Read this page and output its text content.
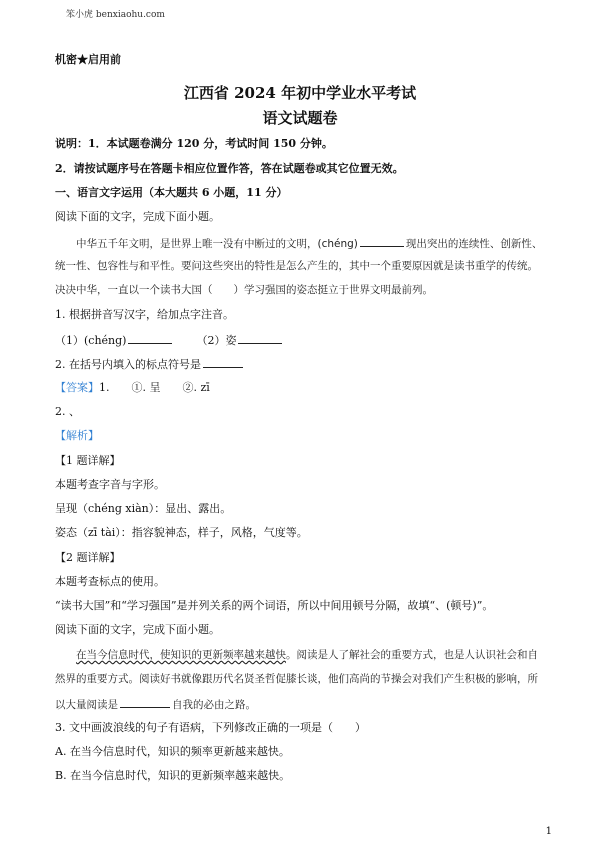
笨小虎 benxiaohu.com
机密★启用前
江西省 2024 年初中学业水平考试
语文试题卷
说明：1．本试题卷满分 120 分，考试时间 150 分钟。
2．请按试题序号在答题卡相应位置作答，答在试题卷或其它位置无效。
一、语言文字运用（本大题共 6 小题，11 分）
阅读下面的文字，完成下面小题。
中华五千年文明，是世界上唯一没有中断过的文明，(chéng)	现出突出的连续性、创新性、
统一性、包容性与和平性。要问这些突出的特性是怎么产生的，其中一个重要原因就是读书重学的传统。
决决中华，一直以一个读书大国（　　）学习强国的姿态挺立于世界文明最前列。
1. 根据拼音写汉字，给加点字注音。
（1）(chéng)	（2）姿
2. 在括号内填入的标点符号是
【答案】1.　　①. 呈　　②. zī
2. 、
【解析】
【1 题详解】
本题考查字音与字形。
呈现（chéng xiàn）：显出、露出。
姿态（zī tài）：指容貌神态，样子，风格，气度等。
【2 题详解】
本题考查标点的使用。
“读书大国”和“学习强国”是并列关系的两个词语，所以中间用顿号分隔，故填“、(顿号)”。
阅读下面的文字，完成下面小题。
在当今信息时代，使知识的更新频率越来越快。阅读是人了解社会的重要方式，也是人认识社会和自
然界的重要方式。阅读好书就像跟历代名贤圣哲促膝长谈，他们高尚的节操会对我们产生积极的影响，所
以大量阅读是	自我的必由之路。
3. 文中画波浪线的句子有语病，下列修改正确的一项是（　　）
A. 在当今信息时代，知识的频率更新越来越快。
B. 在当今信息时代，知识的更新频率越来越快。
1
